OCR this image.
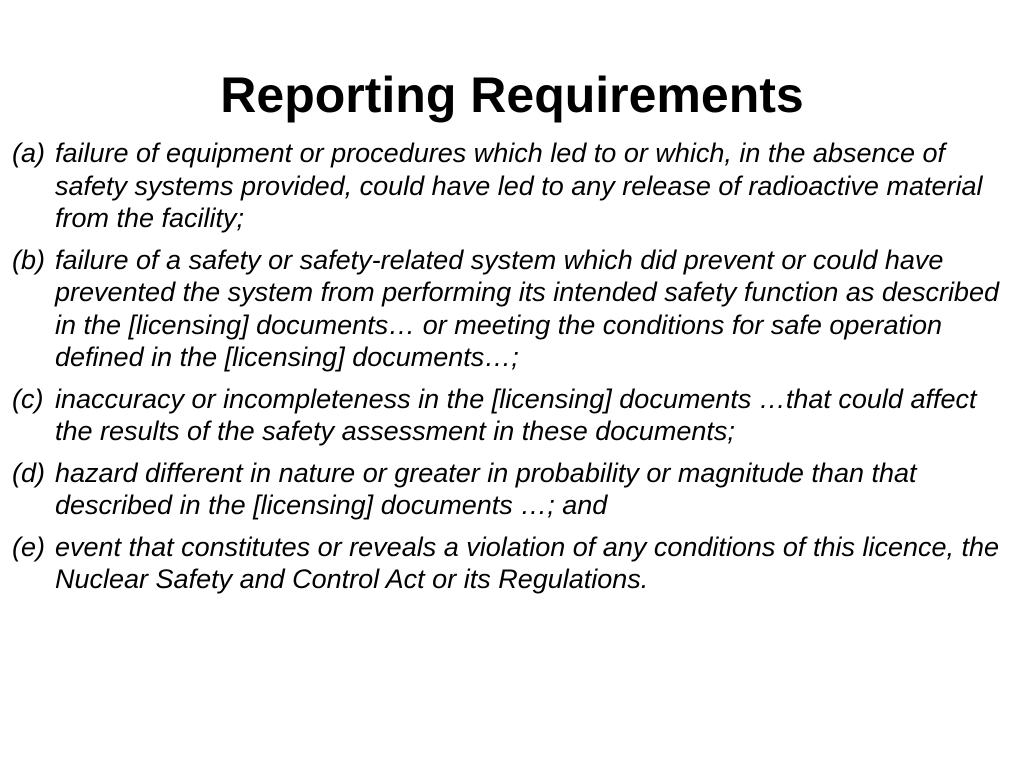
Reporting Requirements
(a) failure of equipment or procedures which led to or which, in the absence of safety systems provided, could have led to any release of radioactive material from the facility;
(b) failure of a safety or safety-related system which did prevent or could have prevented the system from performing its intended safety function as described in the [licensing] documents… or meeting the conditions for safe operation defined in the [licensing] documents…;
(c) inaccuracy or incompleteness in the [licensing] documents …that could affect the results of the safety assessment in these documents;
(d) hazard different in nature or greater in probability or magnitude than that described in the [licensing] documents …; and
(e) event that constitutes or reveals a violation of any conditions of this licence, the Nuclear Safety and Control Act or its Regulations.
